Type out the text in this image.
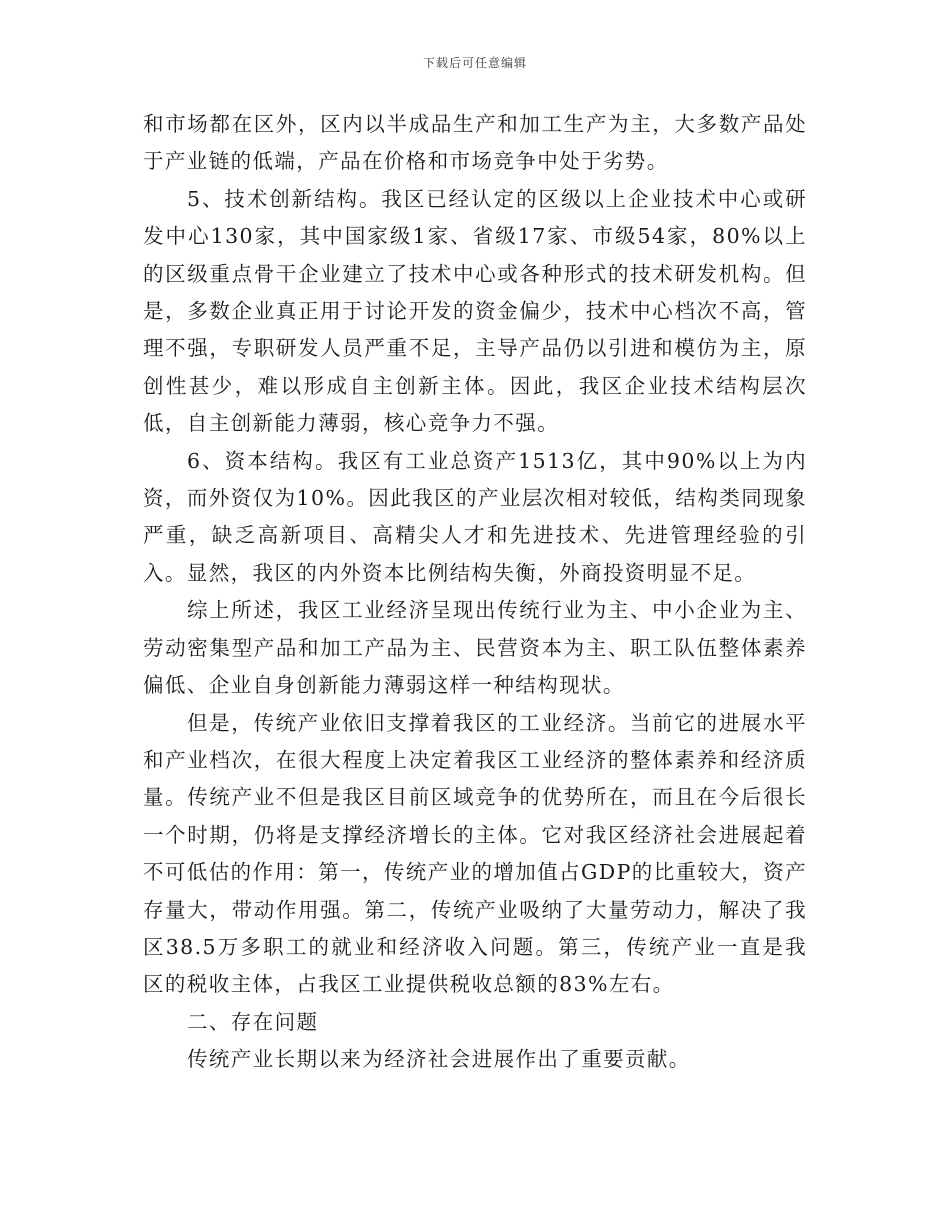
下载后可任意编辑

和市场都在区外，区内以半成品生产和加工生产为主，大多数产品处于产业链的低端，产品在价格和市场竞争中处于劣势。

5、技术创新结构。我区已经认定的区级以上企业技术中心或研发中心130家，其中国家级1家、省级17家、市级54家，80%以上的区级重点骨干企业建立了技术中心或各种形式的技术研发机构。但是，多数企业真正用于讨论开发的资金偏少，技术中心档次不高，管理不强，专职研发人员严重不足，主导产品仍以引进和模仿为主，原创性甚少，难以形成自主创新主体。因此，我区企业技术结构层次低，自主创新能力薄弱，核心竞争力不强。

6、资本结构。我区有工业总资产1513亿，其中90%以上为内资，而外资仅为10%。因此我区的产业层次相对较低，结构类同现象严重，缺乏高新项目、高精尖人才和先进技术、先进管理经验的引入。显然，我区的内外资本比例结构失衡，外商投资明显不足。

综上所述，我区工业经济呈现出传统行业为主、中小企业为主、劳动密集型产品和加工产品为主、民营资本为主、职工队伍整体素养偏低、企业自身创新能力薄弱这样一种结构现状。

但是，传统产业依旧支撑着我区的工业经济。当前它的进展水平和产业档次，在很大程度上决定着我区工业经济的整体素养和经济质量。传统产业不但是我区目前区域竞争的优势所在，而且在今后很长一个时期，仍将是支撑经济增长的主体。它对我区经济社会进展起着不可低估的作用：第一，传统产业的增加值占GDP的比重较大，资产存量大，带动作用强。第二，传统产业吸纳了大量劳动力，解决了我区38.5万多职工的就业和经济收入问题。第三，传统产业一直是我区的税收主体，占我区工业提供税收总额的83%左右。

二、存在问题

传统产业长期以来为经济社会进展作出了重要贡献。
